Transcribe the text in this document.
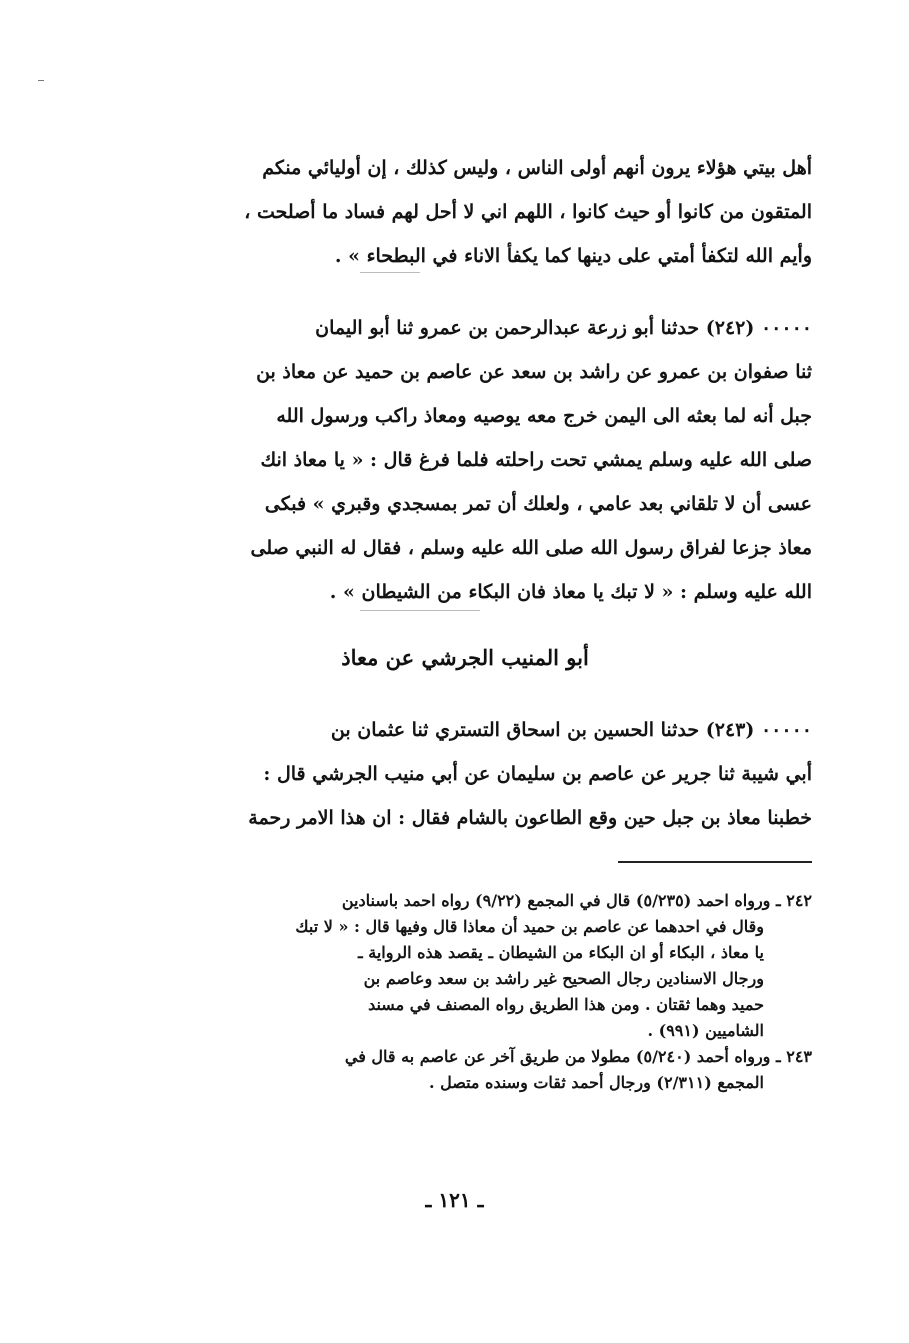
أهل بيتي هؤلاء يرون أنهم أولى الناس ، وليس كذلك ، إن أوليائي منكم
المتقون من كانوا أو حيث كانوا ، اللهم اني لا أحل لهم فساد ما أصلحت ،
وأيم الله لتكفأ أمتي على دينها كما يكفأ الاناء في البطحاء » .
۰۰۰۰۰ (٢٤٢) حدثنا أبو زرعة عبدالرحمن بن عمرو ثنا أبو اليمان
ثنا صفوان بن عمرو عن راشد بن سعد عن عاصم بن حميد عن معاذ بن
جبل أنه لما بعثه الى اليمن خرج معه يوصيه ومعاذ راكب ورسول الله
صلى الله عليه وسلم يمشي تحت راحلته فلما فرغ قال : « يا معاذ انك
عسى أن لا تلقاني بعد عامي ، ولعلك أن تمر بمسجدي وقبري » فبكى
معاذ جزعا لفراق رسول الله صلى الله عليه وسلم ، فقال له النبي صلى
الله عليه وسلم : « لا تبك يا معاذ فان البكاء من الشيطان » .
أبو المنيب الجرشي عن معاذ
۰۰۰۰۰ (٢٤٣) حدثنا الحسين بن اسحاق التستري ثنا عثمان بن
أبي شيبة ثنا جرير عن عاصم بن سليمان عن أبي منيب الجرشي قال :
خطبنا معاذ بن جبل حين وقع الطاعون بالشام فقال : ان هذا الامر رحمة
٢٤٢ ـ ورواه احمد (٥/٢٣٥) قال في المجمع (٩/٢٢) رواه احمد باسنادين
وقال في احدهما عن عاصم بن حميد أن معاذا قال وفيها قال : « لا تبك
يا معاذ ، البكاء أو ان البكاء من الشيطان ـ يقصد هذه الرواية ـ
ورجال الاسنادين رجال الصحيح غير راشد بن سعد وعاصم بن
حميد وهما ثقتان . ومن هذا الطريق رواه المصنف في مسند
الشاميين (٩٩١) .
٢٤٣ ـ ورواه أحمد (٥/٢٤٠) مطولا من طريق آخر عن عاصم به قال في
المجمع (٢/٣١١) ورجال أحمد ثقات وسنده متصل .
ـ ١٢١ ـ
